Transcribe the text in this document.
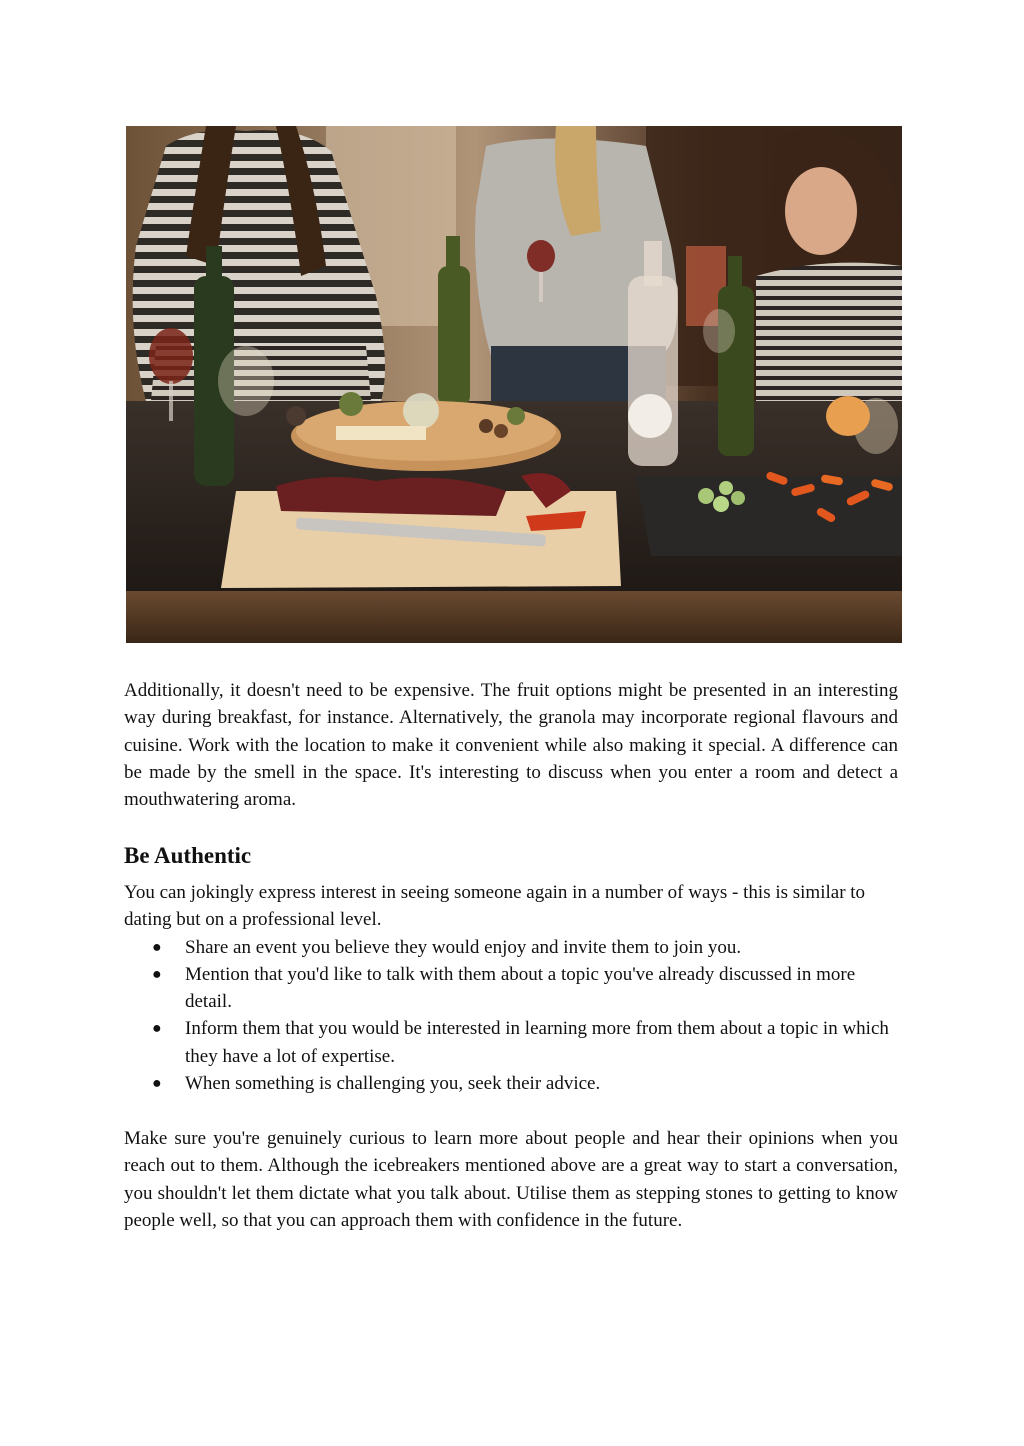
Additionally, it doesn't need to be expensive. The fruit options might be presented in an interesting way during breakfast, for instance. Alternatively, the granola may incorporate regional flavours and cuisine. Work with the location to make it convenient while also making it special. A difference can be made by the smell in the space. It's interesting to discuss when you enter a room and detect a mouthwatering aroma.

Be Authentic

You can jokingly express interest in seeing someone again in a number of ways - this is similar to dating but on a professional level.

● Share an event you believe they would enjoy and invite them to join you.
● Mention that you'd like to talk with them about a topic you've already discussed in more detail.
● Inform them that you would be interested in learning more from them about a topic in which they have a lot of expertise.
● When something is challenging you, seek their advice.

Make sure you're genuinely curious to learn more about people and hear their opinions when you reach out to them. Although the icebreakers mentioned above are a great way to start a conversation, you shouldn't let them dictate what you talk about. Utilise them as stepping stones to getting to know people well, so that you can approach them with confidence in the future.
